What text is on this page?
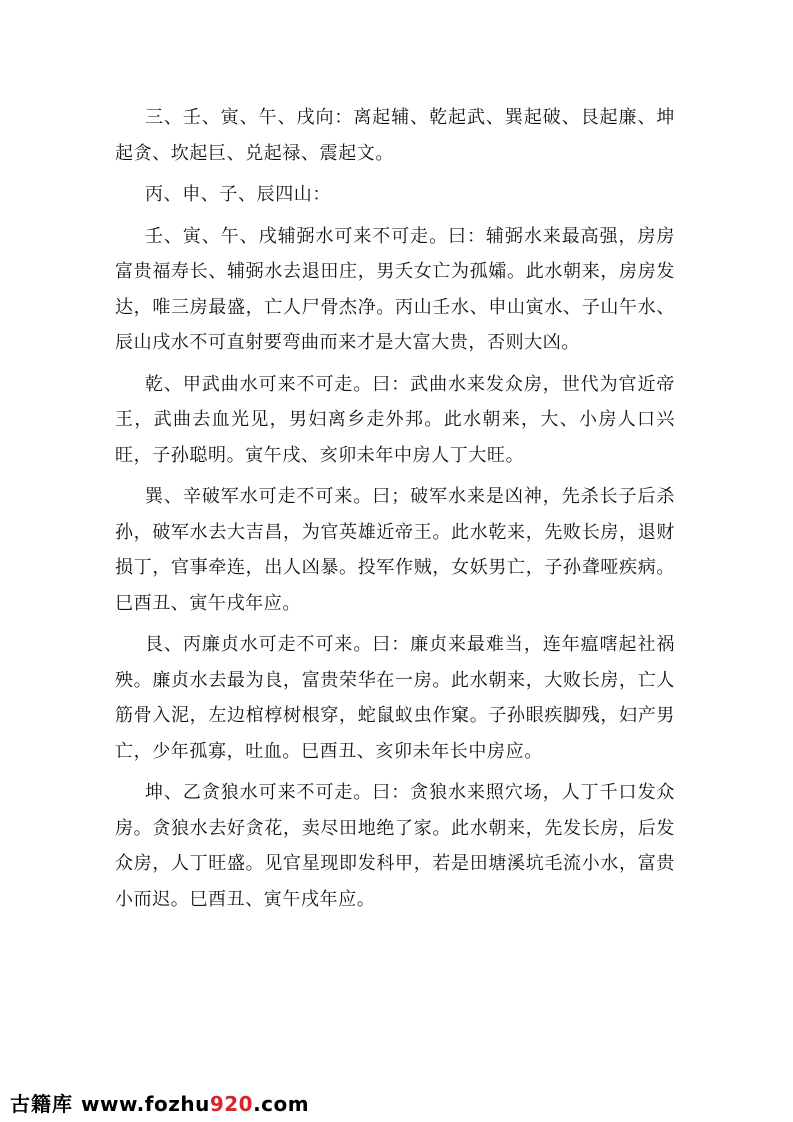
三、壬、寅、午、戌向：离起辅、乾起武、巽起破、艮起廉、坤起贪、坎起巨、兑起禄、震起文。

丙、申、子、辰四山：

壬、寅、午、戌辅弼水可来不可走。曰：辅弼水来最高强，房房富贵福寿长、辅弼水去退田庄，男夭女亡为孤孀。此水朝来，房房发达，唯三房最盛，亡人尸骨杰净。丙山壬水、申山寅水、子山午水、辰山戌水不可直射要弯曲而来才是大富大贵，否则大凶。

乾、甲武曲水可来不可走。曰：武曲水来发众房，世代为官近帝王，武曲去血光见，男妇离乡走外邦。此水朝来，大、小房人口兴旺，子孙聪明。寅午戌、亥卯未年中房人丁大旺。

巽、辛破军水可走不可来。曰；破军水来是凶神，先杀长子后杀孙，破军水去大吉昌，为官英雄近帝王。此水乾来，先败长房，退财损丁，官事牵连，出人凶暴。投军作贼，女妖男亡，子孙聋哑疾病。巳酉丑、寅午戌年应。

艮、丙廉贞水可走不可来。曰：廉贞来最难当，连年瘟嗐起社祸殃。廉贞水去最为良，富贵荣华在一房。此水朝来，大败长房，亡人筋骨入泥，左边棺椁树根穿，蛇鼠蚁虫作窠。子孙眼疾脚残，妇产男亡，少年孤寡，吐血。巳酉丑、亥卯未年长中房应。

坤、乙贪狼水可来不可走。曰：贪狼水来照穴场，人丁千口发众房。贪狼水去好贪花，卖尽田地绝了家。此水朝来，先发长房，后发众房，人丁旺盛。见官星现即发科甲，若是田塘溪坑毛流小水，富贵小而迟。巳酉丑、寅午戌年应。

古籍库 www.fozhu 920 .com
